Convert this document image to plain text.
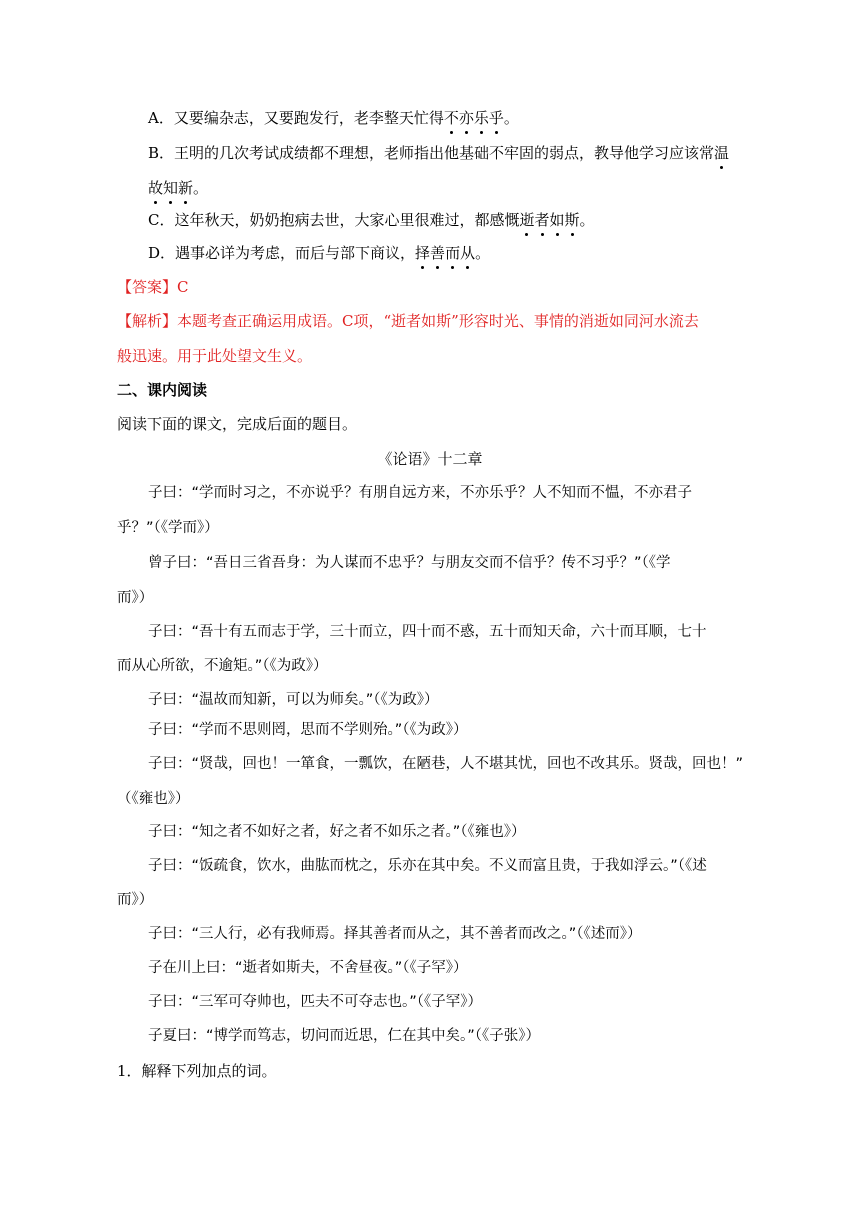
A．又要编杂志，又要跑发行，老李整天忙得不亦乐乎。
B．王明的几次考试成绩都不理想，老师指出他基础不牢固的弱点，教导他学习应该常温
故知新。
C．这年秋天，奶奶抱病去世，大家心里很难过，都感慨逝者如斯。
D．遇事必详为考虑，而后与部下商议，择善而从。
【答案】C
【解析】本题考查正确运用成语。C项，“逝者如斯”形容时光、事情的消逝如同河水流去
般迅速。用于此处望文生义。
二、课内阅读
阅读下面的课文，完成后面的题目。
《论语》十二章
子曰：“学而时习之，不亦说乎？有朋自远方来，不亦乐乎？人不知而不愠，不亦君子
乎？”（《学而》）
曾子曰：“吾日三省吾身：为人谋而不忠乎？与朋友交而不信乎？传不习乎？”（《学
而》）
子曰：“吾十有五而志于学，三十而立，四十而不惑，五十而知天命，六十而耳顺，七十
而从心所欲，不逾矩。”（《为政》）
子曰：“温故而知新，可以为师矣。”（《为政》）
子曰：“学而不思则罔，思而不学则殆。”（《为政》）
子曰：“贤哉，回也！一箪食，一瓢饮，在陋巷，人不堪其忧，回也不改其乐。贤哉，回也！”
（《雍也》）
子曰：“知之者不如好之者，好之者不如乐之者。”（《雍也》）
子曰：“饭疏食，饮水，曲肱而枕之，乐亦在其中矣。不义而富且贵，于我如浮云。”（《述
而》）
子曰：“三人行，必有我师焉。择其善者而从之，其不善者而改之。”（《述而》）
子在川上曰：“逝者如斯夫，不舍昼夜。”（《子罕》）
子曰：“三军可夺帅也，匹夫不可夺志也。”（《子罕》）
子夏曰：“博学而笃志，切问而近思，仁在其中矣。”（《子张》）
1．解释下列加点的词。
